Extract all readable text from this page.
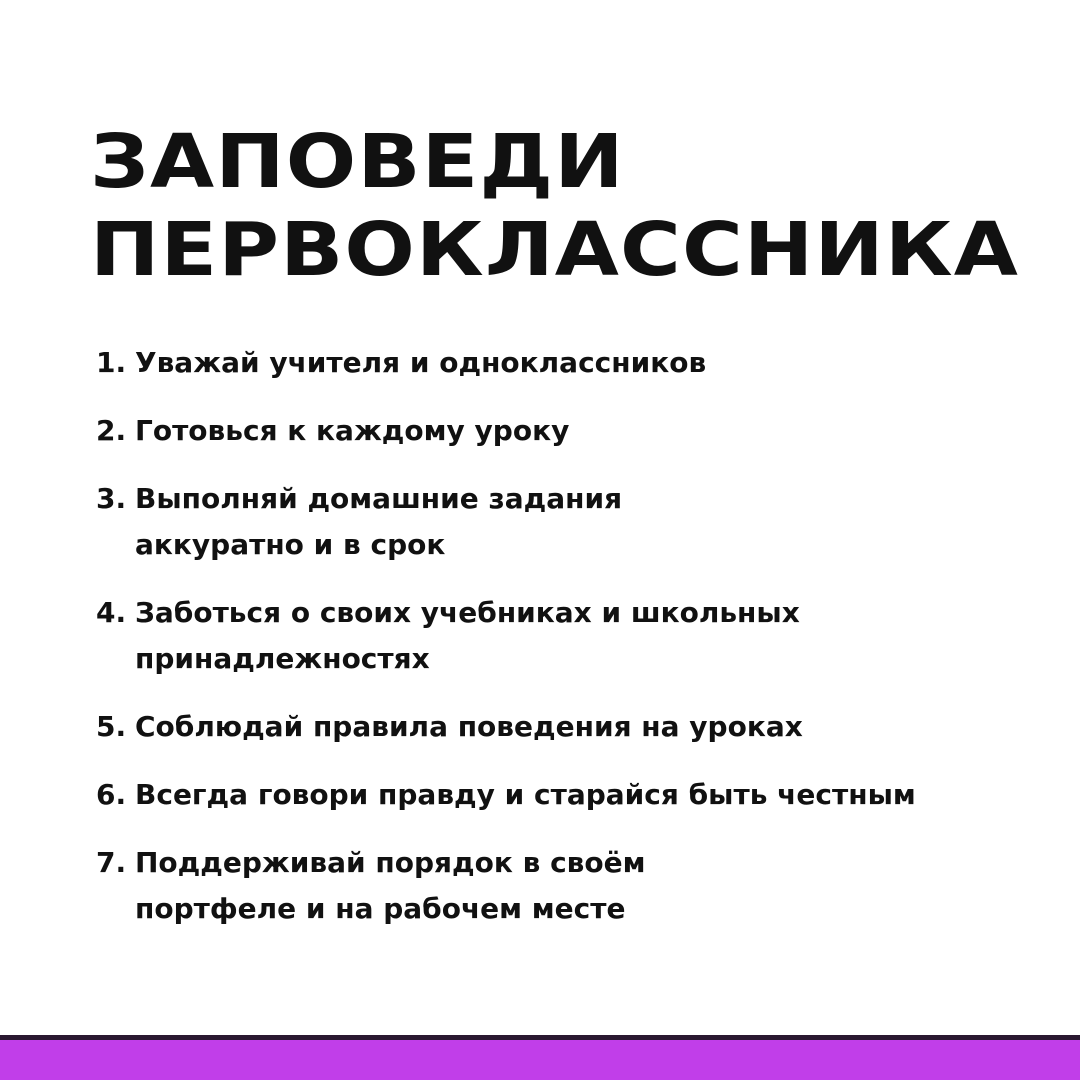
ЗАПОВЕДИ
ПЕРВОКЛАССНИКА
1. Уважай учителя и одноклассников
2. Готовься к каждому уроку
3. Выполняй домашние задания
аккуратно и в срок
4. Заботься о своих учебниках и школьных
принадлежностях
5. Соблюдай правила поведения на уроках
6. Всегда говори правду и старайся быть честным
7. Поддерживай порядок в своём
портфеле и на рабочем месте
